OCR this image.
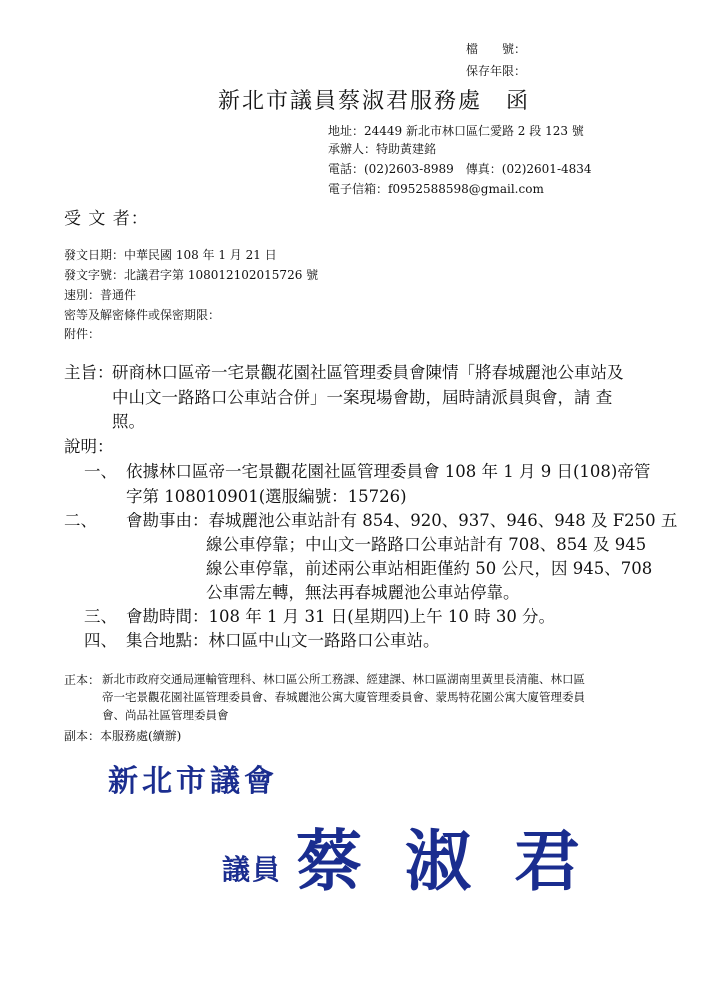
檔　　號：
保存年限：
新北市議員蔡淑君服務處　函
地址：24449 新北市林口區仁愛路 2 段 123 號
承辦人：特助黃建銘
電話：(02)2603-8989　傳真：(02)2601-4834
電子信箱：f0952588598@gmail.com
受 文 者：
發文日期：中華民國 108 年 1 月 21 日
發文字號：北議君字第 108012102015726 號
速別：普通件
密等及解密條件或保密期限：
附件：
主旨：
研商林口區帝一宅景觀花園社區管理委員會陳情「將春城麗池公車站及
中山文一路路口公車站合併」一案現場會勘，屆時請派員與會，請 查
照。
說明：
一、 依據林口區帝一宅景觀花園社區管理委員會 108 年 1 月 9 日(108)帝管
字第 108010901(選服編號：15726)
二、 會勘事由：春城麗池公車站計有 854、920、937、946、948 及 F250 五
線公車停靠；中山文一路路口公車站計有 708、854 及 945
線公車停靠，前述兩公車站相距僅約 50 公尺，因 945、708
公車需左轉，無法再春城麗池公車站停靠。
三、 會勘時間：108 年 1 月 31 日(星期四)上午 10 時 30 分。
四、 集合地點：林口區中山文一路路口公車站。
正本： 新北市政府交通局運輸管理科、林口區公所工務課、經建課、林口區湖南里黃里長清龍、林口區
帝一宅景觀花園社區管理委員會、春城麗池公寓大廈管理委員會、蒙馬特花園公寓大廈管理委員
會、尚品社區管理委員會
副本：本服務處(續辦)
新北市議會
議員 蔡 淑 君
